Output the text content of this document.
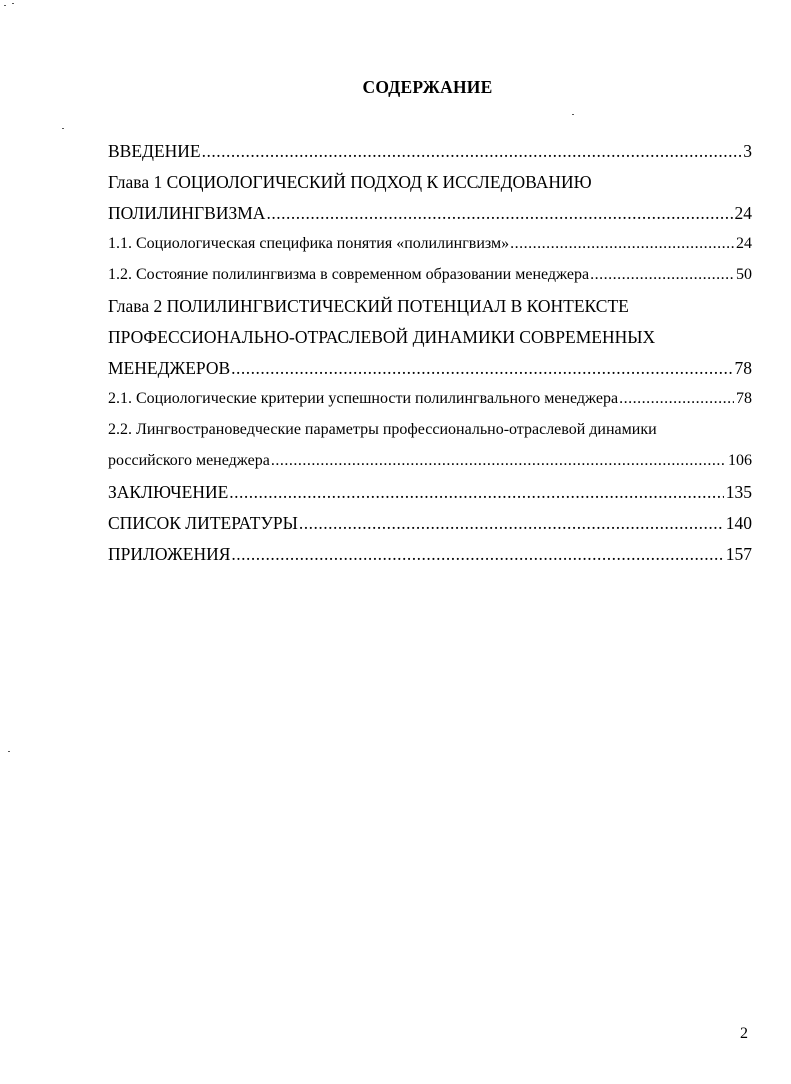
СОДЕРЖАНИЕ
ВВЕДЕНИЕ .....	3
Глава 1 СОЦИОЛОГИЧЕСКИЙ ПОДХОД К ИССЛЕДОВАНИЮ
ПОЛИЛИНГВИЗМА .....	24
1.1. Социологическая специфика понятия «полилингвизм» .....	24
1.2. Состояние полилингвизма в современном образовании менеджера .....	50
Глава 2 ПОЛИЛИНГВИСТИЧЕСКИЙ ПОТЕНЦИАЛ В КОНТЕКСТЕ
ПРОФЕССИОНАЛЬНО-ОТРАСЛЕВОЙ ДИНАМИКИ СОВРЕМЕННЫХ
МЕНЕДЖЕРОВ .....	78
2.1. Социологические критерии успешности полилингвального менеджера .....	78
2.2. Лингвострановедческие параметры профессионально-отраслевой динамики
российского менеджера .....	106
ЗАКЛЮЧЕНИЕ .....	135
СПИСОК ЛИТЕРАТУРЫ .....	140
ПРИЛОЖЕНИЯ .....	157
2
